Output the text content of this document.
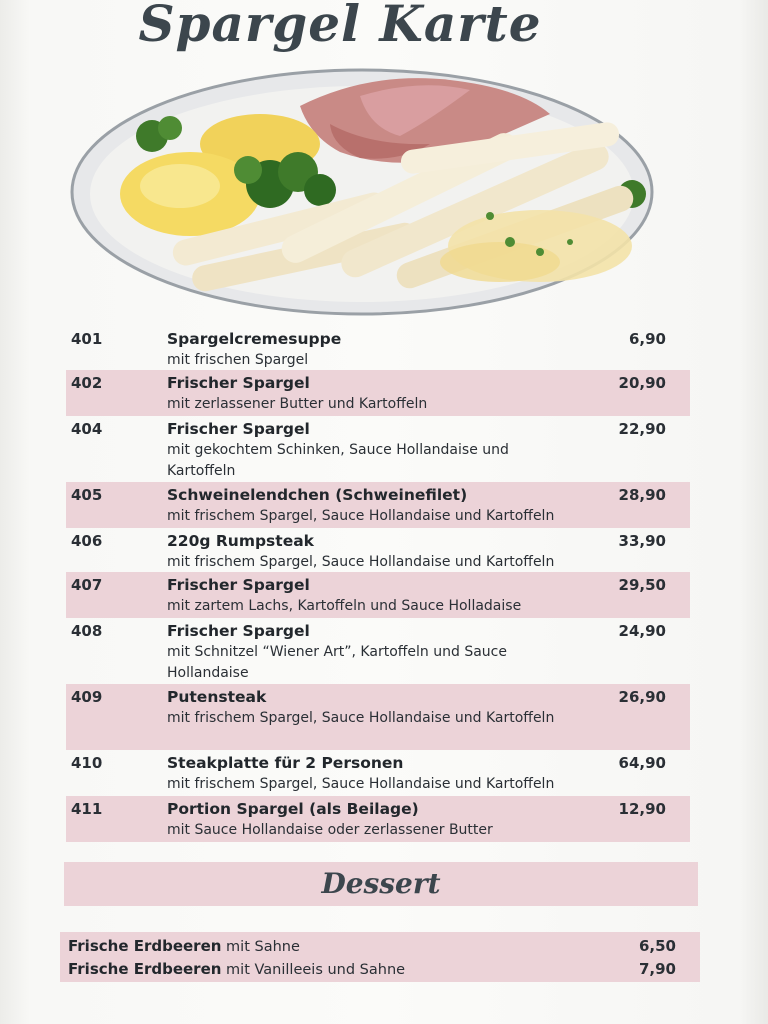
Spargel Karte
401	Spargelcremesuppe
mit frischen Spargel
6,90
402	Frischer Spargel
mit zerlassener Butter und Kartoffeln
20,90
404	Frischer Spargel
mit gekochtem Schinken, Sauce Hollandaise und Kartoffeln
22,90
405	Schweinelendchen (Schweinefilet)
mit frischem Spargel, Sauce Hollandaise und Kartoffeln
28,90
406	220g Rumpsteak
mit frischem Spargel, Sauce Hollandaise und Kartoffeln
33,90
407	Frischer Spargel
mit zartem Lachs, Kartoffeln und Sauce Holladaise
29,50
408	Frischer Spargel
mit Schnitzel “Wiener Art”, Kartoffeln und Sauce Hollandaise
24,90
409	Putensteak
mit frischem Spargel, Sauce Hollandaise und Kartoffeln
26,90
410	Steakplatte für 2 Personen
mit frischem Spargel, Sauce Hollandaise und Kartoffeln
64,90
411	Portion Spargel (als Beilage)
mit Sauce Hollandaise oder zerlassener Butter
12,90
Dessert
Frische Erdbeeren mit Sahne	6,50
Frische Erdbeeren mit Vanilleeis und Sahne	7,90
